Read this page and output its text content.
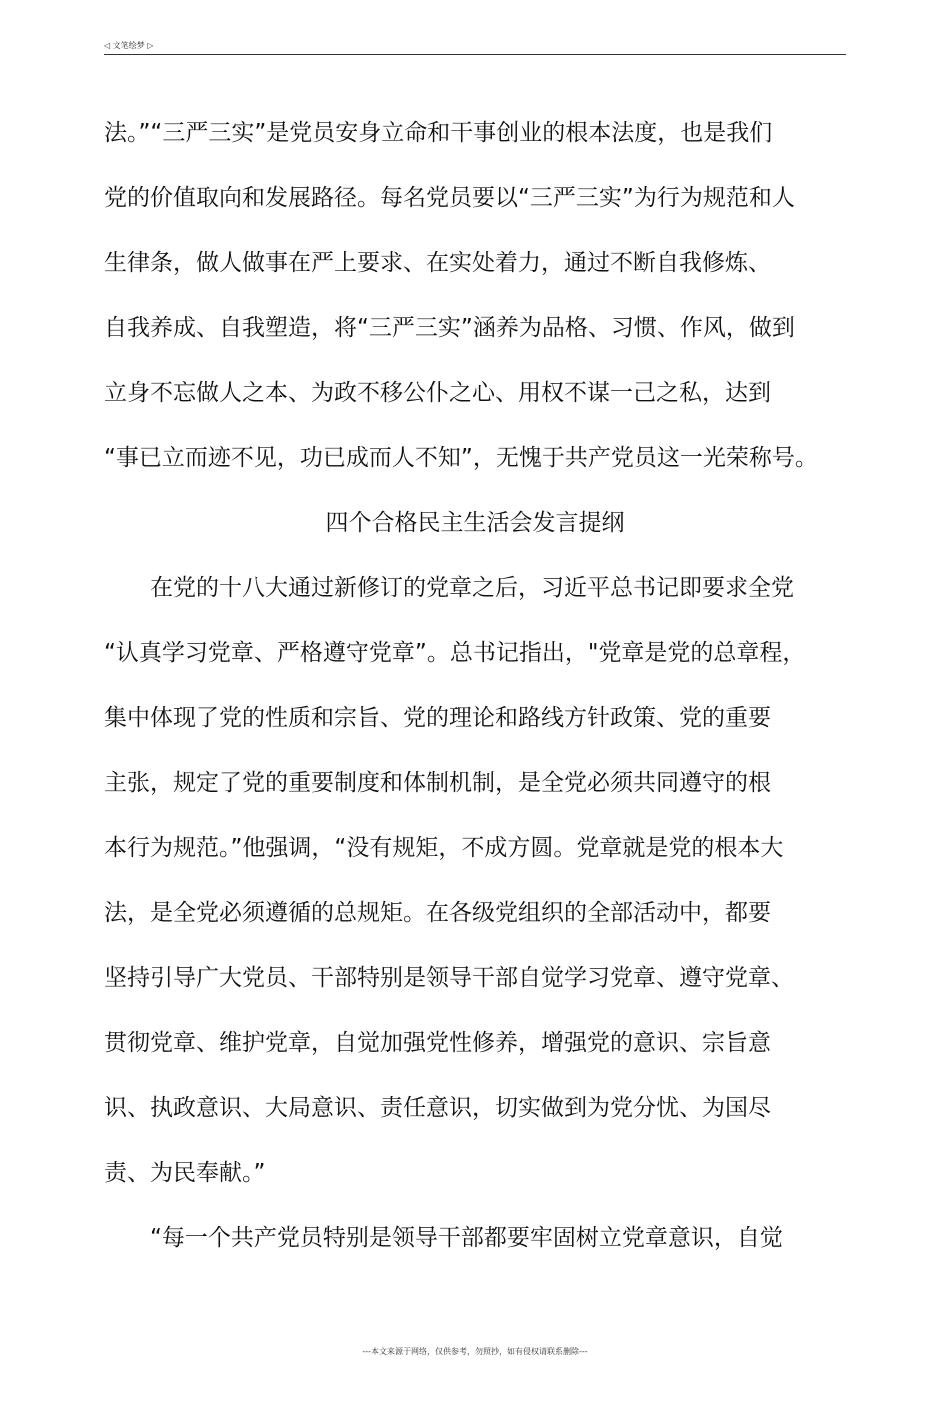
◁ 文笔绘梦 ▷
法。”“三严三实”是党员安身立命和干事创业的根本法度，也是我们
党的价值取向和发展路径。每名党员要以“三严三实”为行为规范和人
生律条，做人做事在严上要求、在实处着力，通过不断自我修炼、
自我养成、自我塑造，将“三严三实”涵养为品格、习惯、作风，做到
立身不忘做人之本、为政不移公仆之心、用权不谋一己之私，达到
“事已立而迹不见，功已成而人不知”，无愧于共产党员这一光荣称号。
四个合格民主生活会发言提纲
在党的十八大通过新修订的党章之后，习近平总书记即要求全党
“认真学习党章、严格遵守党章”。总书记指出，"党章是党的总章程，
集中体现了党的性质和宗旨、党的理论和路线方针政策、党的重要
主张，规定了党的重要制度和体制机制，是全党必须共同遵守的根
本行为规范。”他强调，“没有规矩，不成方圆。党章就是党的根本大
法，是全党必须遵循的总规矩。在各级党组织的全部活动中，都要
坚持引导广大党员、干部特别是领导干部自觉学习党章、遵守党章、
贯彻党章、维护党章，自觉加强党性修养，增强党的意识、宗旨意
识、执政意识、大局意识、责任意识，切实做到为党分忧、为国尽
责、为民奉献。”
“每一个共产党员特别是领导干部都要牢固树立党章意识，自觉
---本文来源于网络，仅供参考，勿照抄，如有侵权请联系删除---
